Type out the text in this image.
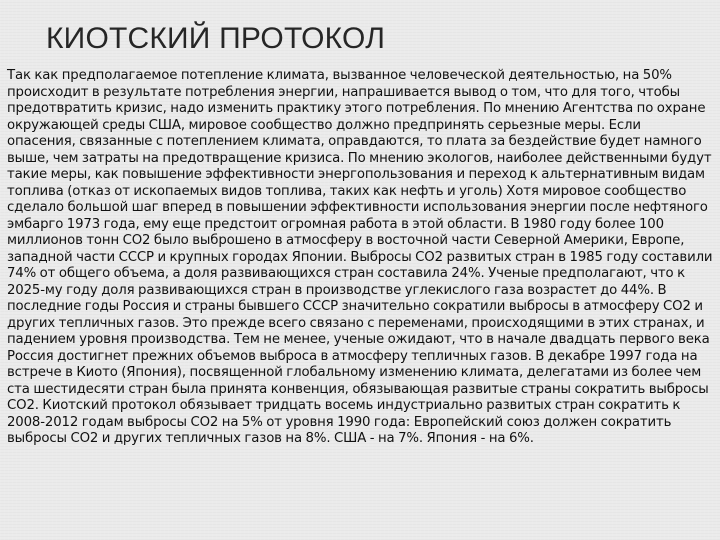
КИОТСКИЙ ПРОТОКОЛ

Так как предполагаемое потепление климата, вызванное человеческой деятельностью, на 50% происходит в результате потребления энергии, напрашивается вывод о том, что для того, чтобы предотвратить кризис, надо изменить практику этого потребления. По мнению Агентства по охране окружающей среды США, мировое сообщество должно предпринять серьезные меры. Если опасения, связанные с потеплением климата, оправдаются, то плата за бездействие будет намного выше, чем затраты на предотвращение кризиса. По мнению экологов, наиболее действенными будут такие меры, как повышение эффективности энергопользования и переход к альтернативным видам топлива (отказ от ископаемых видов топлива, таких как нефть и уголь) Хотя мировое сообщество сделало большой шаг вперед в повышении эффективности использования энергии после нефтяного эмбарго 1973 года, ему еще предстоит огромная работа в этой области. В 1980 году более 100 миллионов тонн CO2 было выброшено в атмосферу в восточной части Северной Америки, Европе, западной части СССР и крупных городах Японии. Выбросы CO2 развитых стран в 1985 году составили 74% от общего объема, а доля развивающихся стран составила 24%. Ученые предполагают, что к 2025-му году доля развивающихся стран в производстве углекислого газа возрастет до 44%. В последние годы Россия и страны бывшего СССР значительно сократили выбросы в атмосферу CO2 и других тепличных газов. Это прежде всего связано с переменами, происходящими в этих странах, и падением уровня производства. Тем не менее, ученые ожидают, что в начале двадцать первого века Россия достигнет прежних объемов выброса в атмосферу тепличных газов. В декабре 1997 года на встрече в Киото (Япония), посвященной глобальному изменению климата, делегатами из более чем ста шестидесяти стран была принята конвенция, обязывающая развитые страны сократить выбросы CO2. Киотский протокол обязывает тридцать восемь индустриально развитых стран сократить к 2008-2012 годам выбросы CO2 на 5% от уровня 1990 года: Европейский союз должен сократить выбросы CO2 и других тепличных газов на 8%. США - на 7%. Япония - на 6%.
